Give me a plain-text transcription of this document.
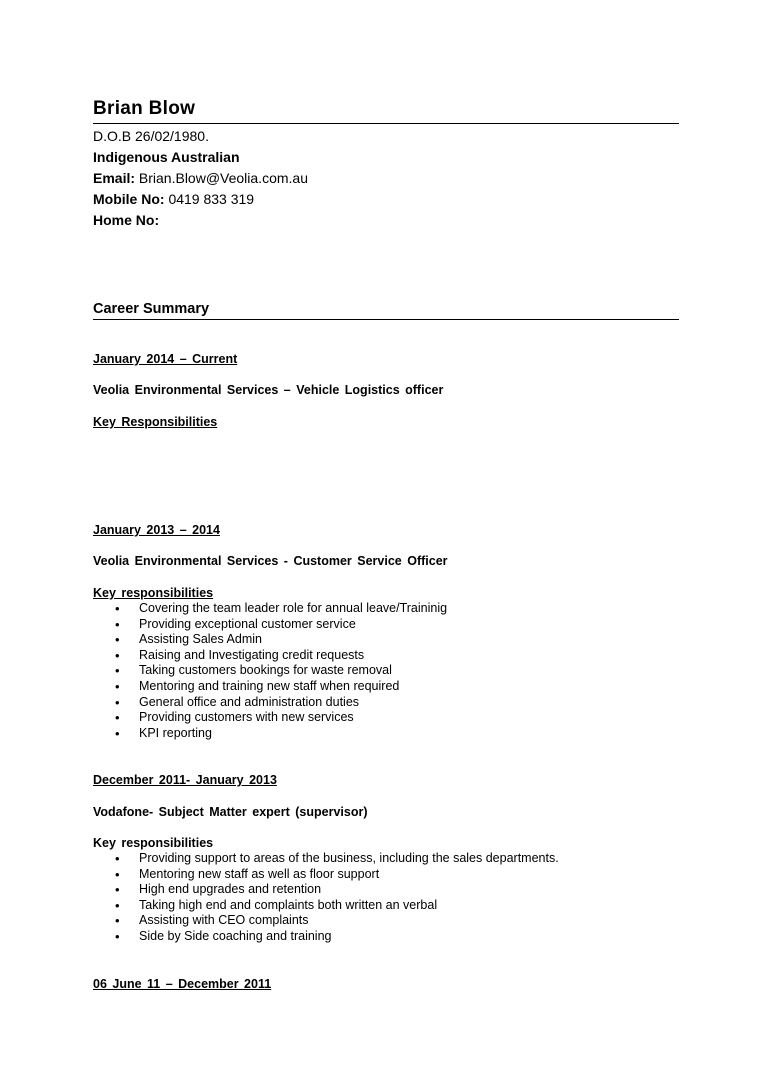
Brian Blow
D.O.B 26/02/1980.
Indigenous Australian
Email: Brian.Blow@Veolia.com.au
Mobile No: 0419 833 319
Home No:
Career Summary
January 2014 – Current
Veolia Environmental Services – Vehicle Logistics officer
Key Responsibilities
January 2013 – 2014
Veolia Environmental Services - Customer Service Officer
Key responsibilities
• Covering the team leader role for annual leave/Traininig
• Providing exceptional customer service
• Assisting Sales Admin
• Raising and Investigating credit requests
• Taking customers bookings for waste removal
• Mentoring and training new staff when required
• General office and administration duties
• Providing customers with new services
• KPI reporting
December 2011- January 2013
Vodafone- Subject Matter expert (supervisor)
Key responsibilities
• Providing support to areas of the business, including the sales departments.
• Mentoring new staff as well as floor support
• High end upgrades and retention
• Taking high end and complaints both written an verbal
• Assisting with CEO complaints
• Side by Side coaching and training
06 June 11 – December 2011
